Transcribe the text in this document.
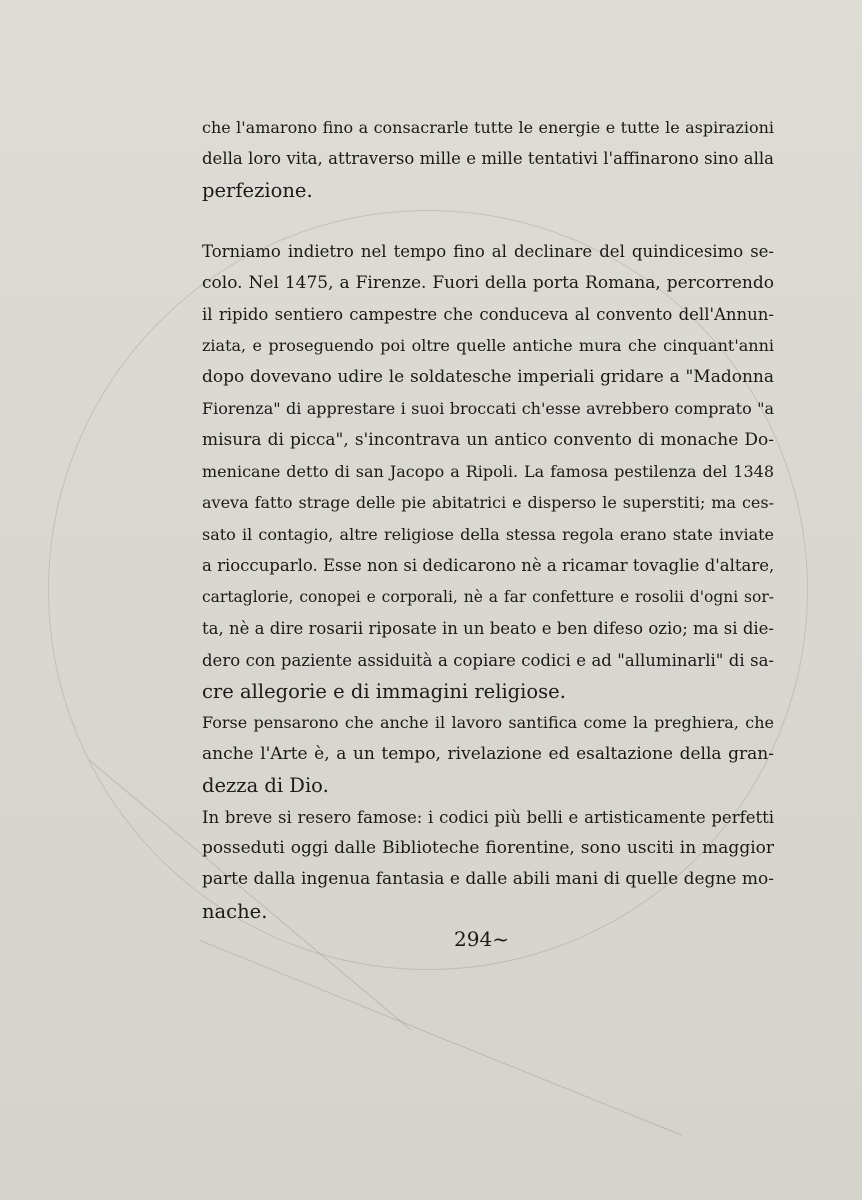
che l'amarono fino a consacrarle tutte le energie e tutte le aspirazioni
della loro vita, attraverso mille e mille tentativi l'affinarono sino alla
perfezione.

Torniamo indietro nel tempo fino al declinare del quindicesimo se-
colo. Nel 1475, a Firenze. Fuori della porta Romana, percorrendo
il ripido sentiero campestre che conduceva al convento dell'Annun-
ziata, e proseguendo poi oltre quelle antiche mura che cinquant'anni
dopo dovevano udire le soldatesche imperiali gridare a "Madonna
Fiorenza" di apprestare i suoi broccati ch'esse avrebbero comprato "a
misura di picca", s'incontrava un antico convento di monache Do-
menicane detto di san Jacopo a Ripoli. La famosa pestilenza del 1348
aveva fatto strage delle pie abitatrici e disperso le superstiti; ma ces-
sato il contagio, altre religiose della stessa regola erano state inviate
a rioccuparlo. Esse non si dedicarono nè a ricamar tovaglie d'altare,
cartaglorie, conopei e corporali, nè a far confetture e rosolii d'ogni sor-
ta, nè a dire rosarii riposate in un beato e ben difeso ozio; ma si die-
dero con paziente assiduità a copiare codici e ad "alluminarli" di sa-
cre allegorie e di immagini religiose.

Forse pensarono che anche il lavoro santifica come la preghiera, che
anche l'Arte è, a un tempo, rivelazione ed esaltazione della gran-
dezza di Dio.

In breve si resero famose: i codici più belli e artisticamente perfetti
posseduti oggi dalle Biblioteche fiorentine, sono usciti in maggior
parte dalla ingenua fantasia e dalle abili mani di quelle degne mo-
nache.

294~
